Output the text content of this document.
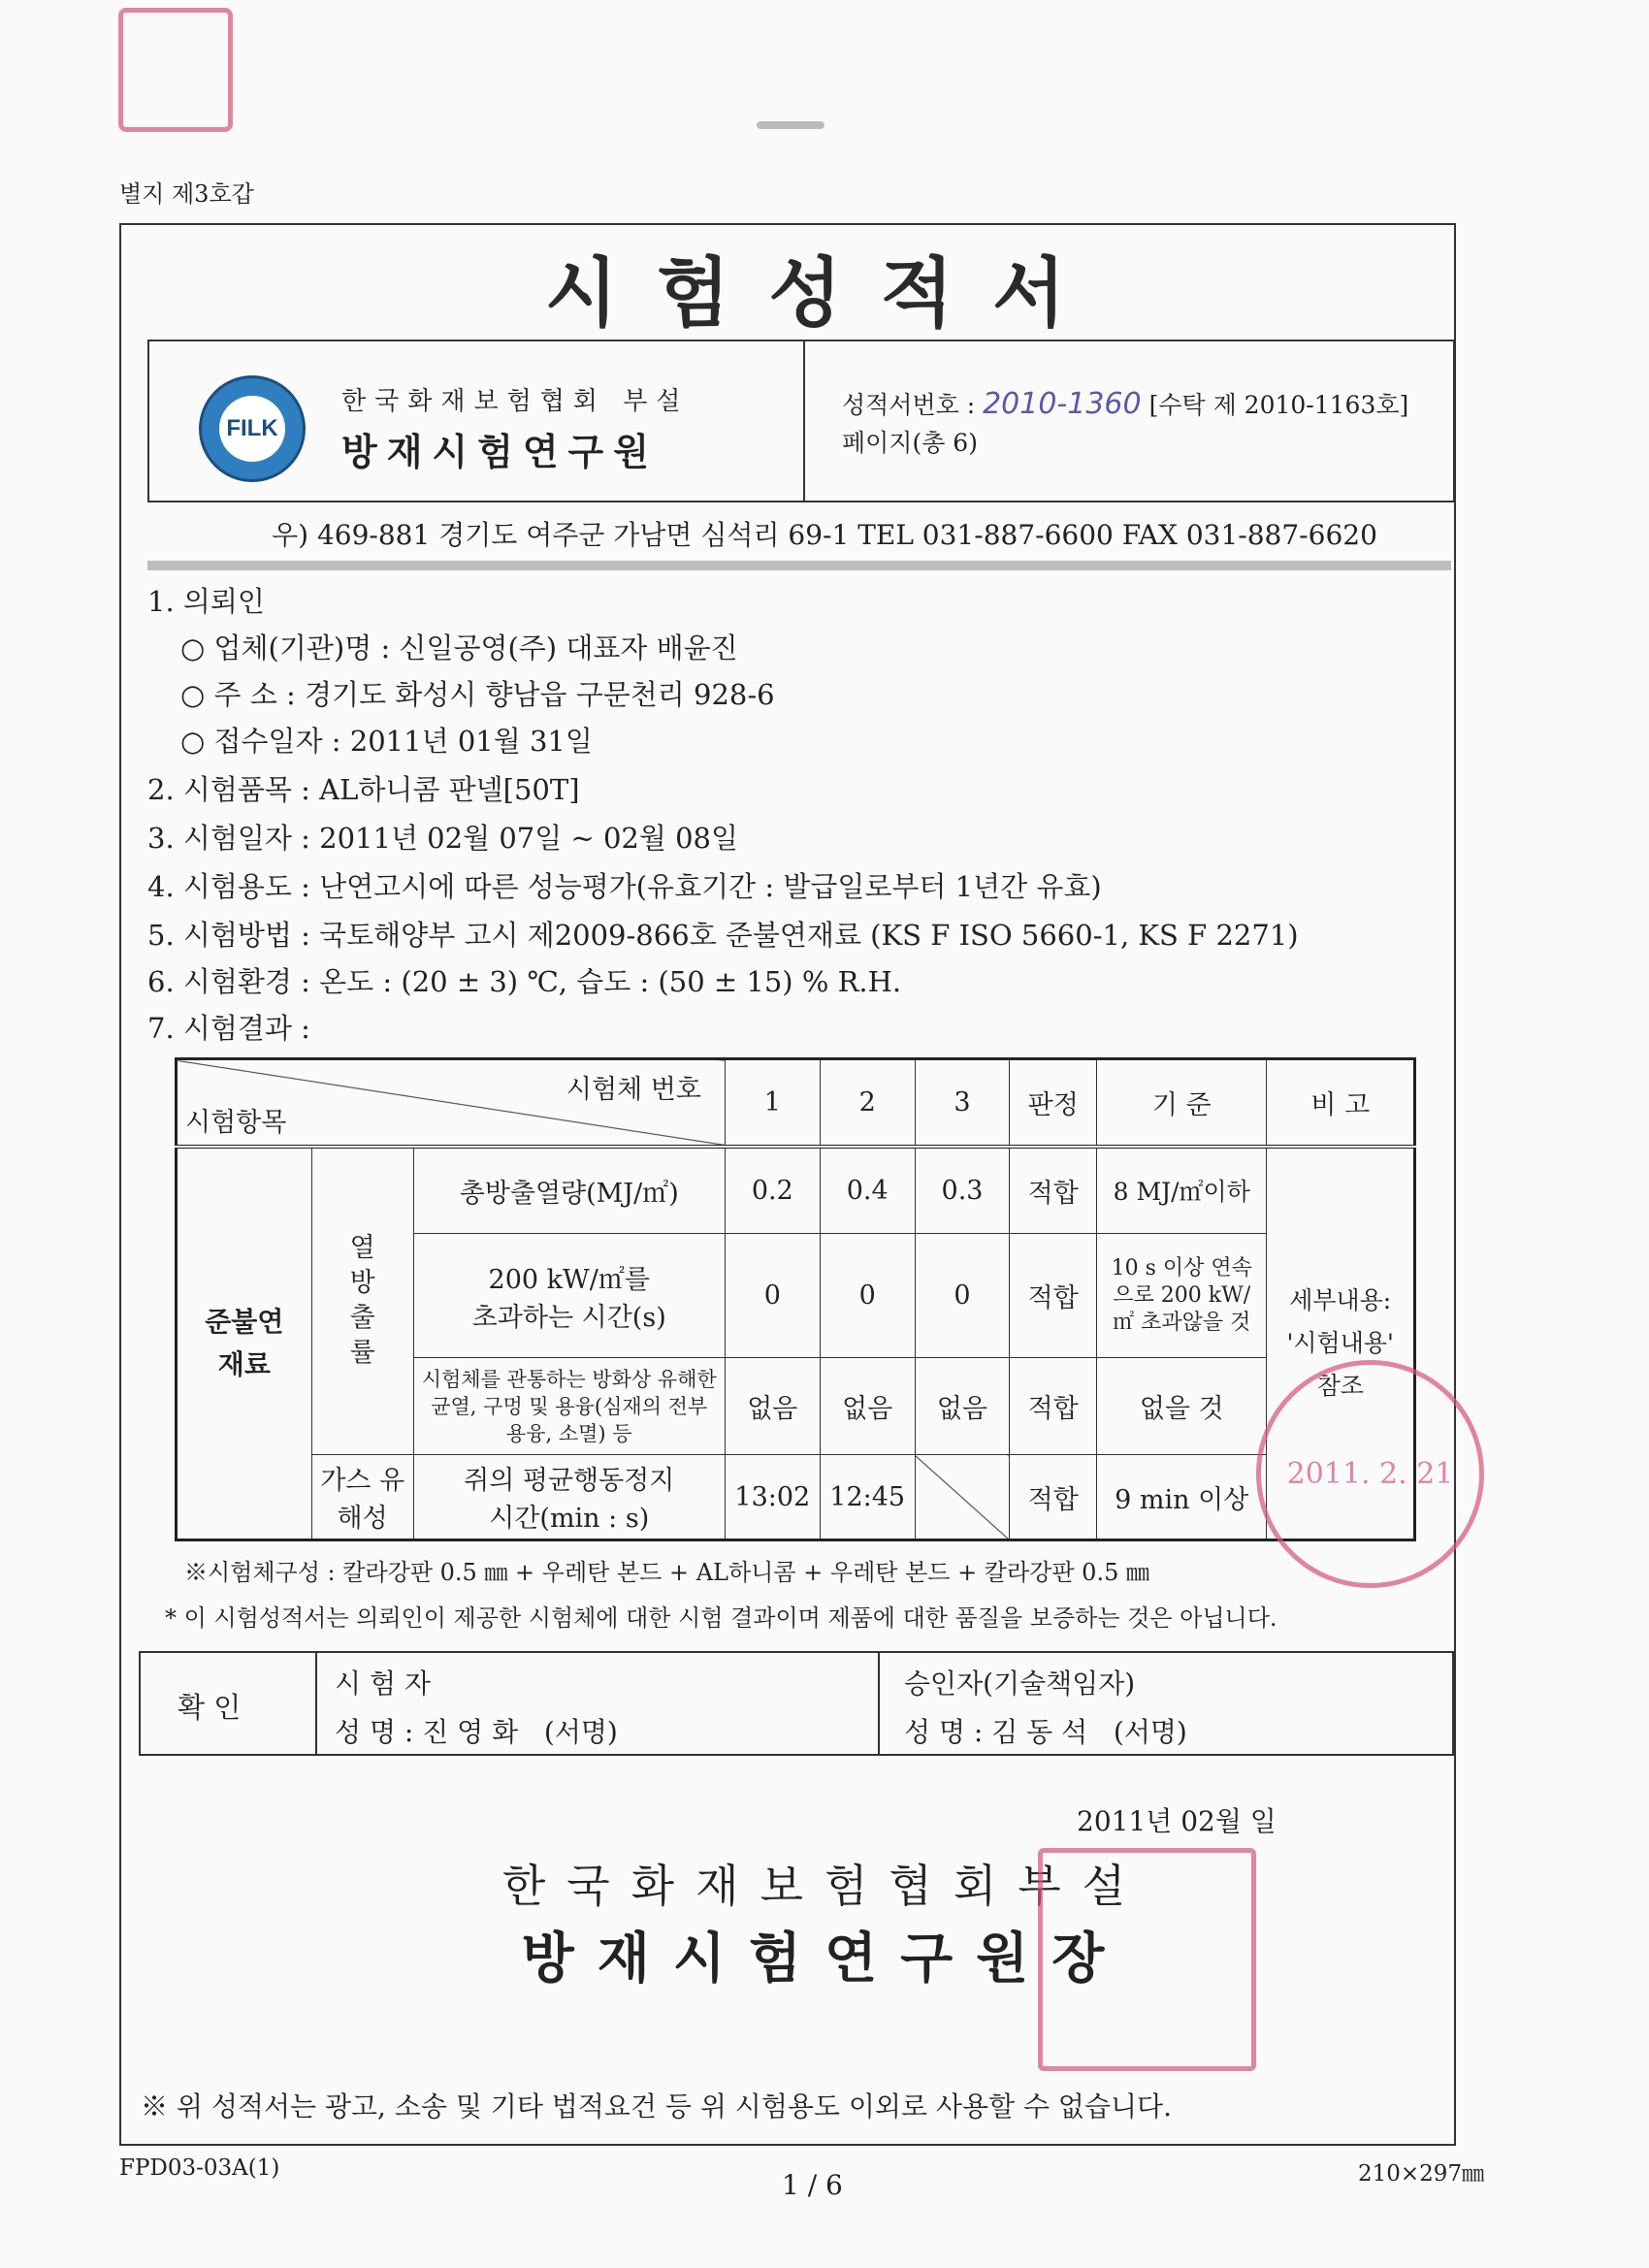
별지 제3호갑
시험성적서
FILK
한국화재보험협회 부설
방재시험연구원
성적서번호 : 2010-1360 [수탁 제 2010-1163호]
페이지(총 6)
우) 469-881 경기도 여주군 가남면 심석리 69-1 TEL 031-887-6600 FAX 031-887-6620
1. 의뢰인
○ 업체(기관)명 : 신일공영(주) 대표자 배윤진
○ 주 소 : 경기도 화성시 향남읍 구문천리 928-6
○ 접수일자 : 2011년 01월 31일
2. 시험품목 : AL하니콤 판넬[50T]
3. 시험일자 : 2011년 02월 07일 ~ 02월 08일
4. 시험용도 : 난연고시에 따른 성능평가(유효기간 : 발급일로부터 1년간 유효)
5. 시험방법 : 국토해양부 고시 제2009-866호 준불연재료 (KS F ISO 5660-1, KS F 2271)
6. 시험환경 : 온도 : (20 ± 3) ℃, 습도 : (50 ± 15) % R.H.
7. 시험결과 :
시험체 번호
시험항목			1	2	3	판정	기 준	비 고
준불연 재료	열 방 출 률	총방출열량(MJ/㎡)	0.2	0.4	0.3	적합	8 MJ/㎡이하	세부내용: '시험내용' 참조
		200 kW/㎡를 초과하는 시간(s)	0	0	0	적합	10 s 이상 연속으로 200 kW/㎡ 초과않을 것	
		시험체를 관통하는 방화상 유해한 균열, 구멍 및 용융(심재의 전부 용융, 소멸) 등	없음	없음	없음	적합	없을 것	
	가스 유해성	쥐의 평균행동정지 시간(min : s)	13:02	12:45		적합	9 min 이상	
※시험체구성 : 칼라강판 0.5 ㎜ + 우레탄 본드 + AL하니콤 + 우레탄 본드 + 칼라강판 0.5 ㎜
* 이 시험성적서는 의뢰인이 제공한 시험체에 대한 시험 결과이며 제품에 대한 품질을 보증하는 것은 아닙니다.
확 인
시 험 자
성 명 : 진 영 화 (서명)
승인자(기술책임자)
성 명 : 김 동 석 (서명)
2011. 2. 21
2011년 02월 일
한국화재보험협회부설
방재시험연구원장
※ 위 성적서는 광고, 소송 및 기타 법적요건 등 위 시험용도 이외로 사용할 수 없습니다.
FPD03-03A(1)
1 / 6	210×297㎜
